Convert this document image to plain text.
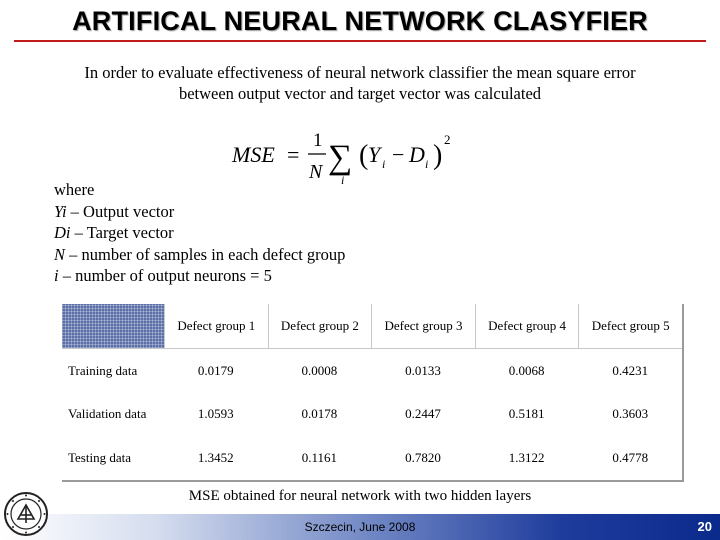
ARTIFICAL NEURAL NETWORK CLASYFIER
In order to evaluate effectiveness of neural network classifier the mean square error
between output vector and target vector was calculated
MSE =
1
N ∑
i
( Y i − D i )
2
where
Yi – Output vector
Di – Target vector
N – number of samples in each defect group
i – number of output neurons = 5
	Defect group 1	Defect group 2	Defect group 3	Defect group 4	Defect group 5
Training data	0.0179	0.0008	0.0133	0.0068	0.4231
Validation data	1.0593	0.0178	0.2447	0.5181	0.3603
Testing data	1.3452	0.1161	0.7820	1.3122	0.4778
MSE obtained for neural network with two hidden layers
Szczecin, June 2008	20
